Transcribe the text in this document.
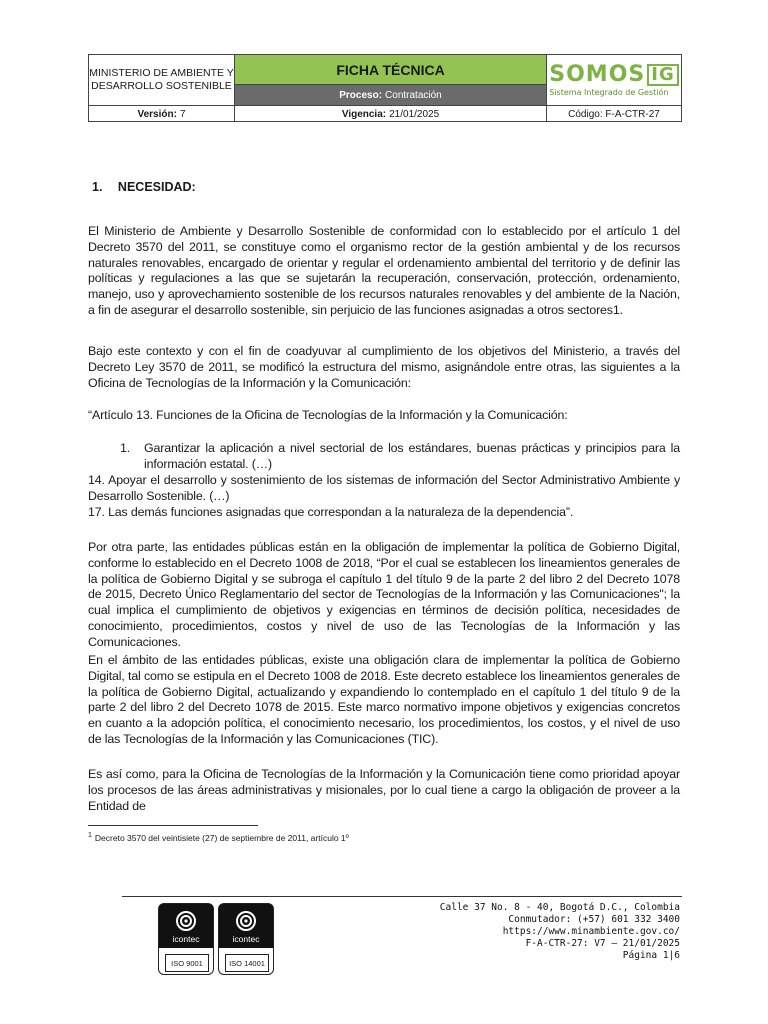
MINISTERIO DE AMBIENTE Y DESARROLLO SOSTENIBLE
FICHA TÉCNICA
Proceso: Contratación
SOMOS IG
Sistema Integrado de Gestión
Versión: 7	Vigencia: 21/01/2025	Código:
F-A-CTR-27
1. NECESIDAD:
El Ministerio de Ambiente y Desarrollo Sostenible de conformidad con lo establecido por el artículo 1 del Decreto 3570 del 2011, se constituye como el organismo rector de la gestión ambiental y de los recursos naturales renovables, encargado de orientar y regular el ordenamiento ambiental del territorio y de definir las políticas y regulaciones a las que se sujetarán la recuperación, conservación, protección, ordenamiento, manejo, uso y aprovechamiento sostenible de los recursos naturales renovables y del ambiente de la Nación, a fin de asegurar el desarrollo sostenible, sin perjuicio de las funciones asignadas a otros sectores1.
Bajo este contexto y con el fin de coadyuvar al cumplimiento de los objetivos del Ministerio, a través del Decreto Ley 3570 de 2011, se modificó la estructura del mismo, asignándole entre otras, las siguientes a la Oficina de Tecnologías de la Información y la Comunicación:
“Artículo 13. Funciones de la Oficina de Tecnologías de la Información y la Comunicación:
1. Garantizar la aplicación a nivel sectorial de los estándares, buenas prácticas y principios para la información estatal. (…)
14. Apoyar el desarrollo y sostenimiento de los sistemas de información del Sector Administrativo Ambiente y Desarrollo Sostenible. (…)
17. Las demás funciones asignadas que correspondan a la naturaleza de la dependencia”.
Por otra parte, las entidades públicas están en la obligación de implementar la política de Gobierno Digital, conforme lo establecido en el Decreto 1008 de 2018, “Por el cual se establecen los lineamientos generales de la política de Gobierno Digital y se subroga el capítulo 1 del título 9 de la parte 2 del libro 2 del Decreto 1078 de 2015, Decreto Único Reglamentario del sector de Tecnologías de la Información y las Comunicaciones"; la cual implica el cumplimiento de objetivos y exigencias en términos de decisión política, necesidades de conocimiento, procedimientos, costos y nivel de uso de las Tecnologías de la Información y las Comunicaciones.
En el ámbito de las entidades públicas, existe una obligación clara de implementar la política de Gobierno Digital, tal como se estipula en el Decreto 1008 de 2018. Este decreto establece los lineamientos generales de la política de Gobierno Digital, actualizando y expandiendo lo contemplado en el capítulo 1 del título 9 de la parte 2 del libro 2 del Decreto 1078 de 2015. Este marco normativo impone objetivos y exigencias concretos en cuanto a la adopción política, el conocimiento necesario, los procedimientos, los costos, y el nivel de uso de las Tecnologías de la Información y las Comunicaciones (TIC).
Es así como, para la Oficina de Tecnologías de la Información y la Comunicación tiene como prioridad apoyar los procesos de las áreas administrativas y misionales, por lo cual tiene a cargo la obligación de proveer a la Entidad de
$^1$ Decreto 3570 del veintisiete (27) de septiembre de 2011, artículo 1º
icontec
ISO 9001
icontec
ISO 14001
Calle 37 No. 8 - 40, Bogotá D.C., Colombia
Conmutador: (+57) 601 332 3400
https://www.minambiente.gov.co/
F-A-CTR-27: V7 – 21/01/2025
Página 1|6
